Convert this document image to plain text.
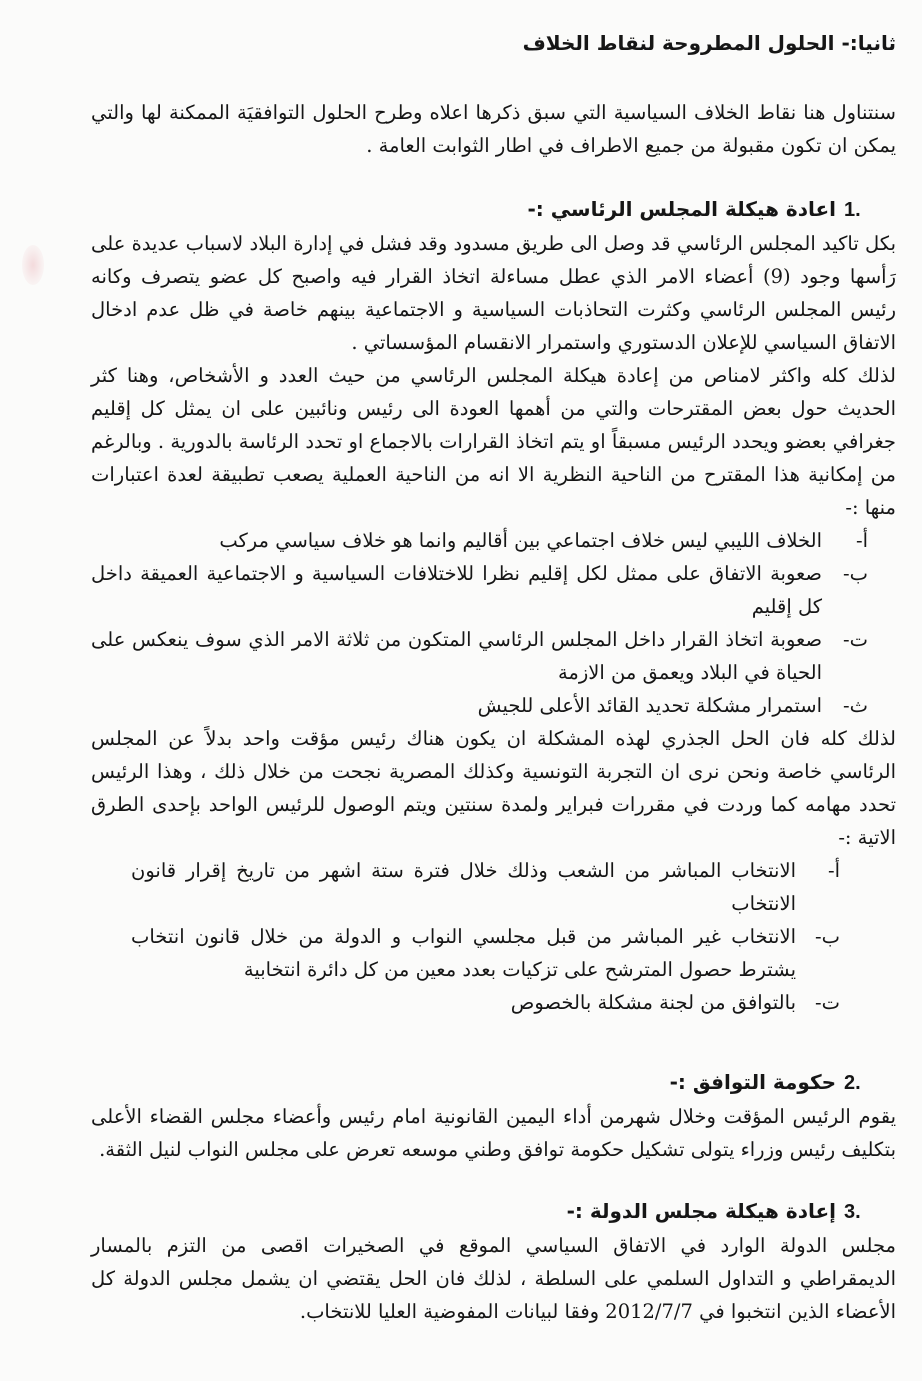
ثانيا:- الحلول المطروحة لنقاط الخلاف

سنتناول هنا نقاط الخلاف السياسية التي سبق ذكرها اعلاه وطرح الحلول التوافقيَة الممكنة لها والتي يمكن ان تكون مقبولة من جميع الاطراف في اطار الثوابت العامة .

1.
اعادة هيكلة المجلس الرئاسي :-

بكل تاكيد المجلس الرئاسي قد وصل الى طريق مسدود وقد فشل في إدارة البلاد لاسباب عديدة على رَأسها وجود (9) أعضاء الامر الذي عطل مساءلة اتخاذ القرار فيه واصبح كل عضو يتصرف وكانه رئيس المجلس الرئاسي وكثرت التحاذبات السياسية و الاجتماعية بينهم خاصة في ظل عدم ادخال الاتفاق السياسي للإعلان الدستوري واستمرار الانقسام المؤسساتي .

لذلك كله واكثر لامناص من إعادة هيكلة المجلس الرئاسي من حيث العدد و الأشخاص، وهنا كثر الحديث حول بعض المقترحات والتي من أهمها العودة الى رئيس ونائبين على ان يمثل كل إقليم جغرافي بعضو ويحدد الرئيس مسبقاً او يتم اتخاذ القرارات بالاجماع او تحدد الرئاسة بالدورية . وبالرغم من إمكانية هذا المقترح من الناحية النظرية الا انه من الناحية العملية يصعب تطبيقة لعدة اعتبارات منها :-

أ-
الخلاف الليبي ليس خلاف اجتماعي بين أقاليم وانما هو خلاف سياسي مركب
ب-
صعوبة الاتفاق على ممثل لكل إقليم نظرا للاختلافات السياسية و الاجتماعية العميقة داخل كل إقليم
ت-
صعوبة اتخاذ القرار داخل المجلس الرئاسي المتكون من ثلاثة الامر الذي سوف ينعكس على الحياة في البلاد ويعمق من الازمة
ث-
استمرار مشكلة تحديد القائد الأعلى للجيش

لذلك كله فان الحل الجذري لهذه المشكلة ان يكون هناك رئيس مؤقت واحد بدلاً عن المجلس الرئاسي خاصة ونحن نرى ان التجربة التونسية وكذلك المصرية نجحت من خلال ذلك ، وهذا الرئيس تحدد مهامه كما وردت في مقررات فبراير ولمدة سنتين ويتم الوصول للرئيس الواحد بإحدى الطرق الاتية :-

أ-
الانتخاب المباشر من الشعب وذلك خلال فترة ستة اشهر من تاريخ إقرار قانون الانتخاب
ب-
الانتخاب غير المباشر من قبل مجلسي النواب و الدولة من خلال قانون انتخاب يشترط حصول المترشح على تزكيات بعدد معين من كل دائرة انتخابية
ت-
بالتوافق من لجنة مشكلة بالخصوص
2.
حكومة التوافق :-

يقوم الرئيس المؤقت وخلال شهرمن أداء اليمين القانونية امام رئيس وأعضاء مجلس القضاء الأعلى بتكليف رئيس وزراء يتولى تشكيل حكومة توافق وطني موسعه تعرض على مجلس النواب لنيل الثقة.

3.
إعادة هيكلة مجلس الدولة :-

مجلس الدولة الوارد في الاتفاق السياسي الموقع في الصخيرات اقصى من التزم بالمسار الديمقراطي و التداول السلمي على السلطة ، لذلك فان الحل يقتضي ان يشمل مجلس الدولة كل الأعضاء الذين انتخبوا في 2012/7/7 وفقا لبيانات المفوضية العليا للانتخاب.
